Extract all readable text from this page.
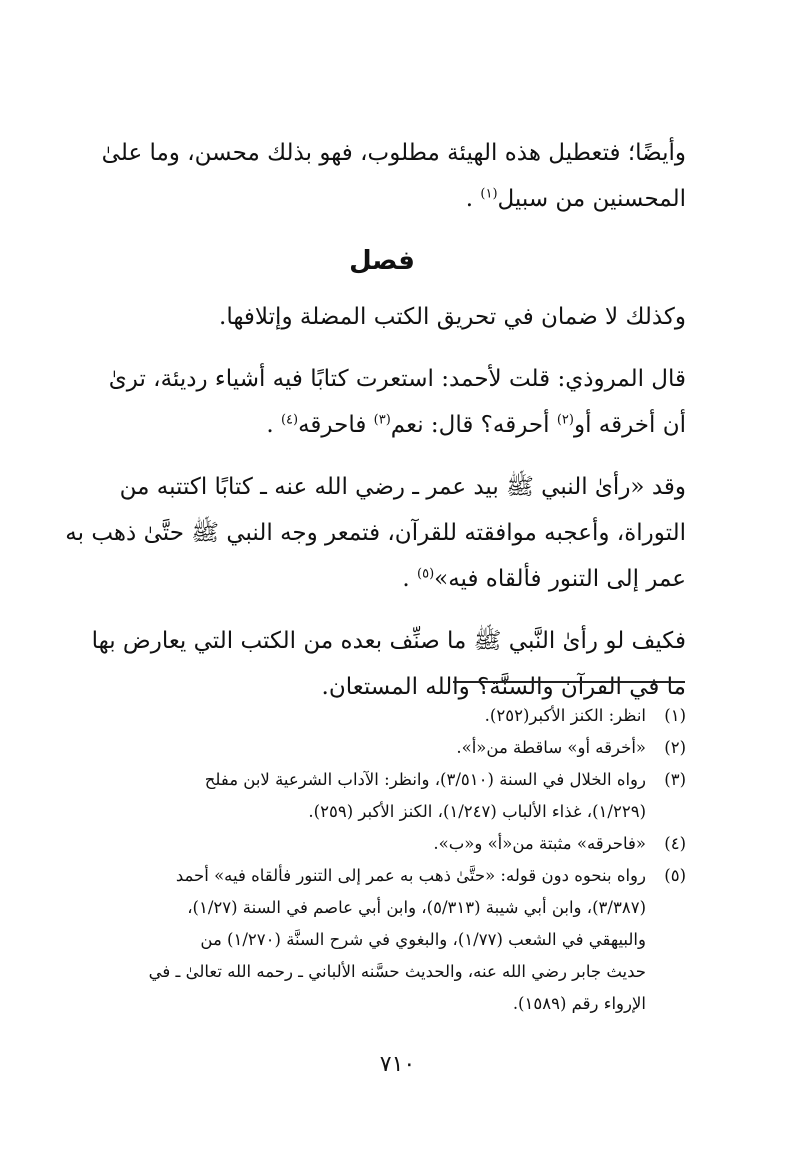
وأيضًا؛ فتعطيل هذه الهيئة مطلوب، فهو بذلك محسن، وما علىٰ
المحسنين من سبيل$^{(١)}$ .

فصل

وكذلك لا ضمان في تحريق الكتب المضلة وإتلافها.

قال المروذي: قلت لأحمد: استعرت كتابًا فيه أشياء رديئة، ترىٰ
أن أخرقه أو$^{(٢)}$ أحرقه؟ قال: نعم$^{(٣)}$ فاحرقه$^{(٤)}$ .

وقد «رأىٰ النبي ﷺ بيد عمر ـ رضي الله عنه ـ كتابًا اكتتبه من
التوراة، وأعجبه موافقته للقرآن، فتمعر وجه النبي ﷺ حتَّىٰ ذهب به
عمر إلى التنور فألقاه فيه»$^{(٥)}$ .

فكيف لو رأىٰ النَّبي ﷺ ما صنِّف بعده من الكتب التي يعارض بها
ما في القرآن والسنَّة؟ والله المستعان.

(١)
انظر: الكنز الأكبر(٢٥٢).
(٢)
«أخرقه أو» ساقطة من«أ».
(٣)
رواه الخلال في السنة (٣/٥١٠)، وانظر: الآداب الشرعية لابن مفلح
(١/٢٢٩)، غذاء الألباب (١/٢٤٧)، الكنز الأكبر (٢٥٩).
(٤)
«فاحرقه» مثبتة من«أ» و«ب».
(٥)
رواه بنحوه دون قوله: «حتَّىٰ ذهب به عمر إلى التنور فألقاه فيه» أحمد
(٣/٣٨٧)، وابن أبي شيبة (٥/٣١٣)، وابن أبي عاصم في السنة (١/٢٧)،
والبيهقي في الشعب (١/٧٧)، والبغوي في شرح السنَّة (١/٢٧٠) من
حديث جابر رضي الله عنه، والحديث حسَّنه الألباني ـ رحمه الله تعالىٰ ـ في
الإرواء رقم (١٥٨٩).
٧١٠
